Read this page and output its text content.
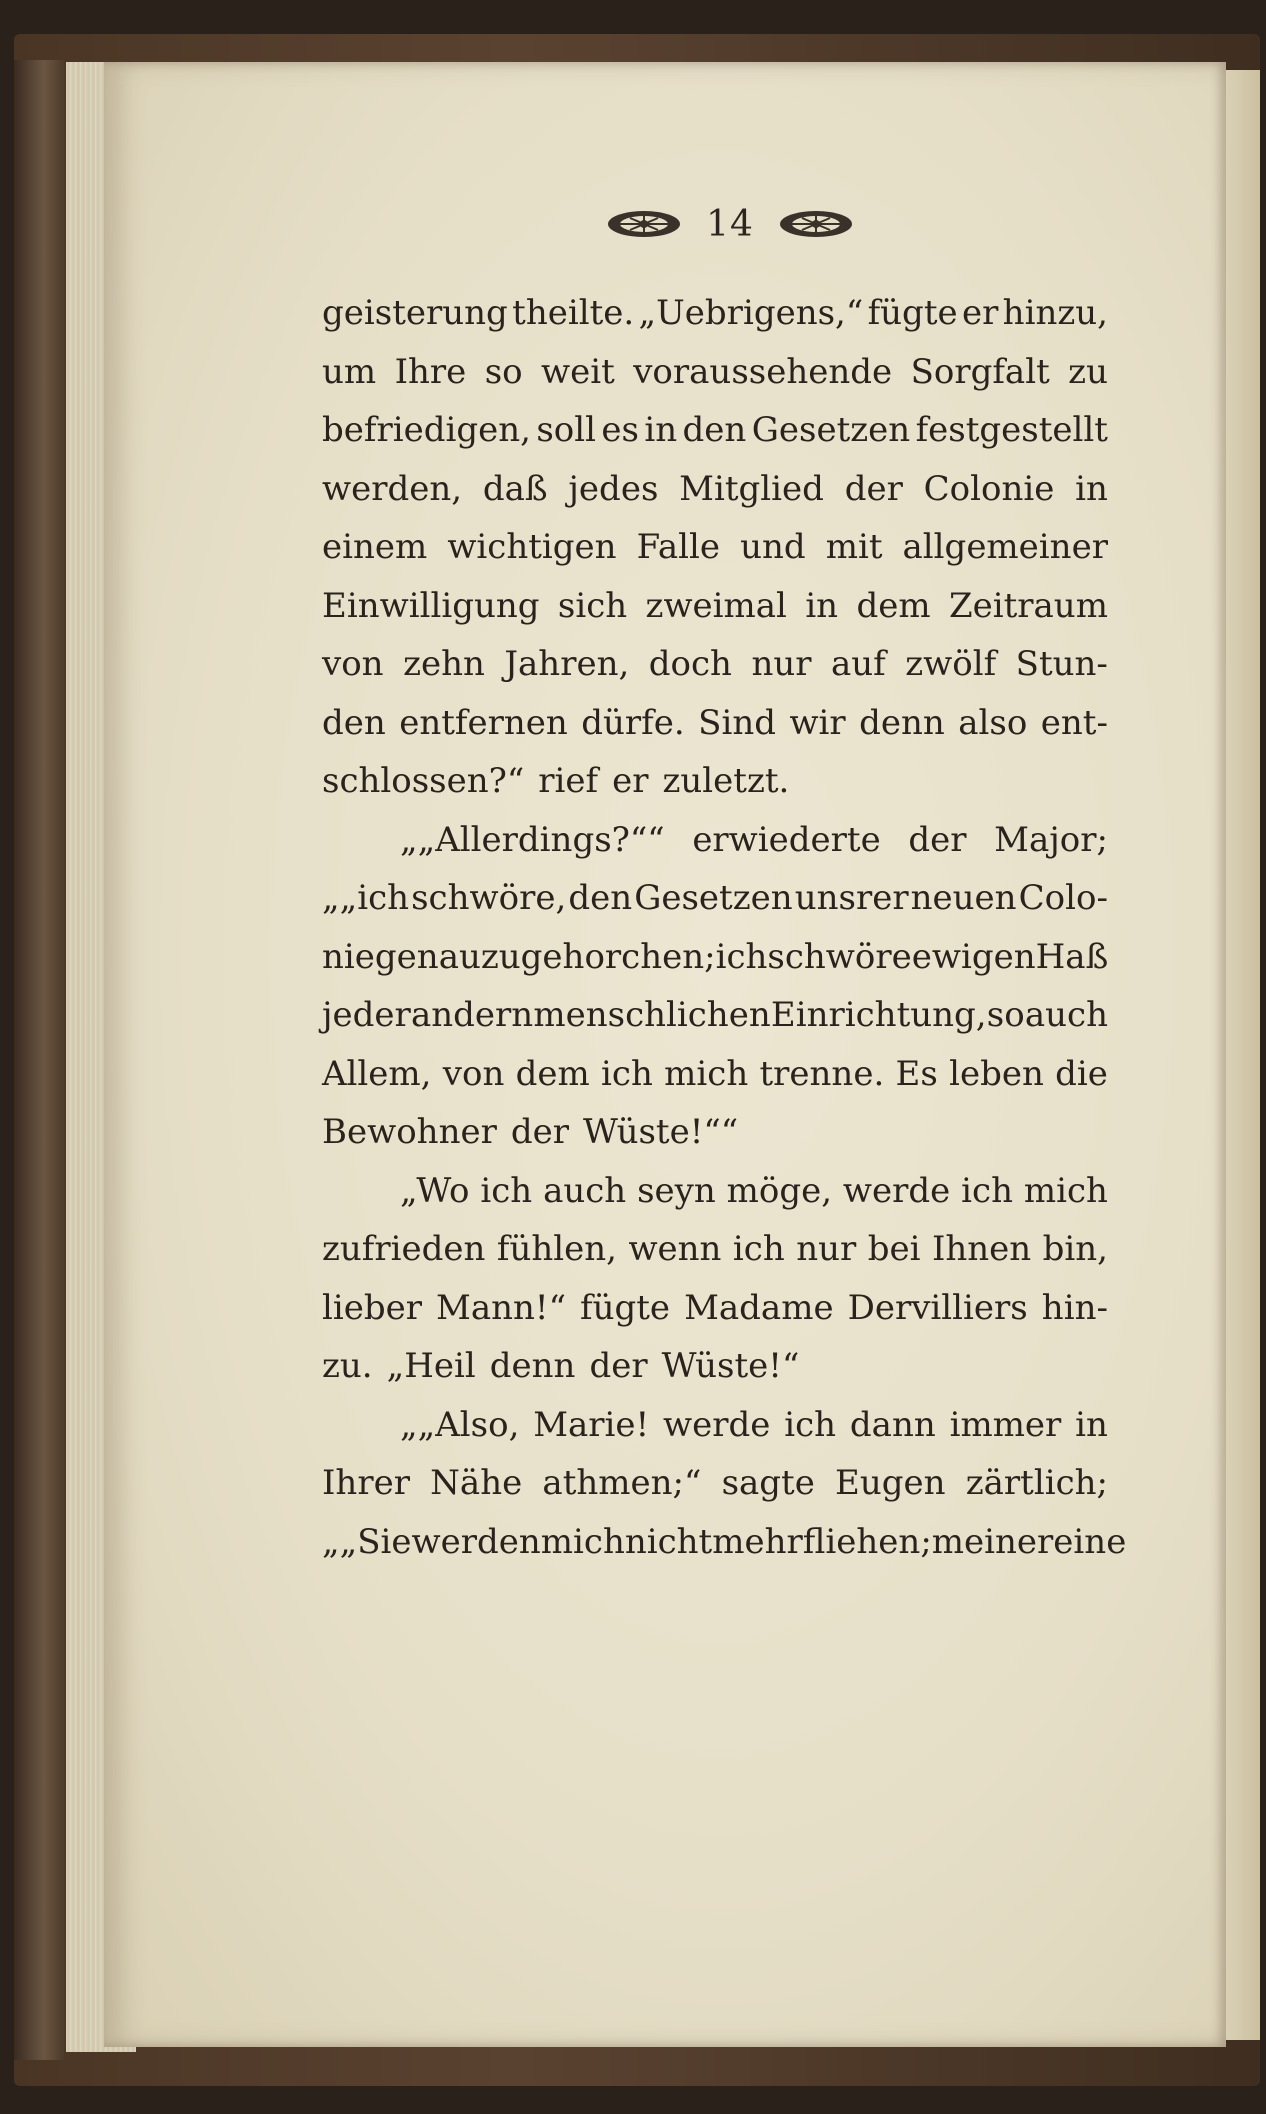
14
geisterung theilte. „Uebrigens,“ fügte er hinzu,
um Ihre so weit voraussehende Sorgfalt zu
befriedigen, soll es in den Gesetzen festgestellt
werden, daß jedes Mitglied der Colonie in
einem wichtigen Falle und mit allgemeiner
Einwilligung sich zweimal in dem Zeitraum
von zehn Jahren, doch nur auf zwölf Stun-
den entfernen dürfe. Sind wir denn also ent-
schlossen?“ rief er zuletzt.
„„Allerdings?““ erwiederte der Major;
„„ich schwöre, den Gesetzen unsrer neuen Colo-
nie genau zu gehorchen; ich schwöre ewigen Haß
jeder andern menschlichen Einrichtung, so auch
Allem, von dem ich mich trenne. Es leben die
Bewohner der Wüste!““
„Wo ich auch seyn möge, werde ich mich
zufrieden fühlen, wenn ich nur bei Ihnen bin,
lieber Mann!“ fügte Madame Dervilliers hin-
zu. „Heil denn der Wüste!“
„„Also, Marie! werde ich dann immer in
Ihrer Nähe athmen;“ sagte Eugen zärtlich;
„„Sie werden mich nicht mehr fliehen; meine reine
